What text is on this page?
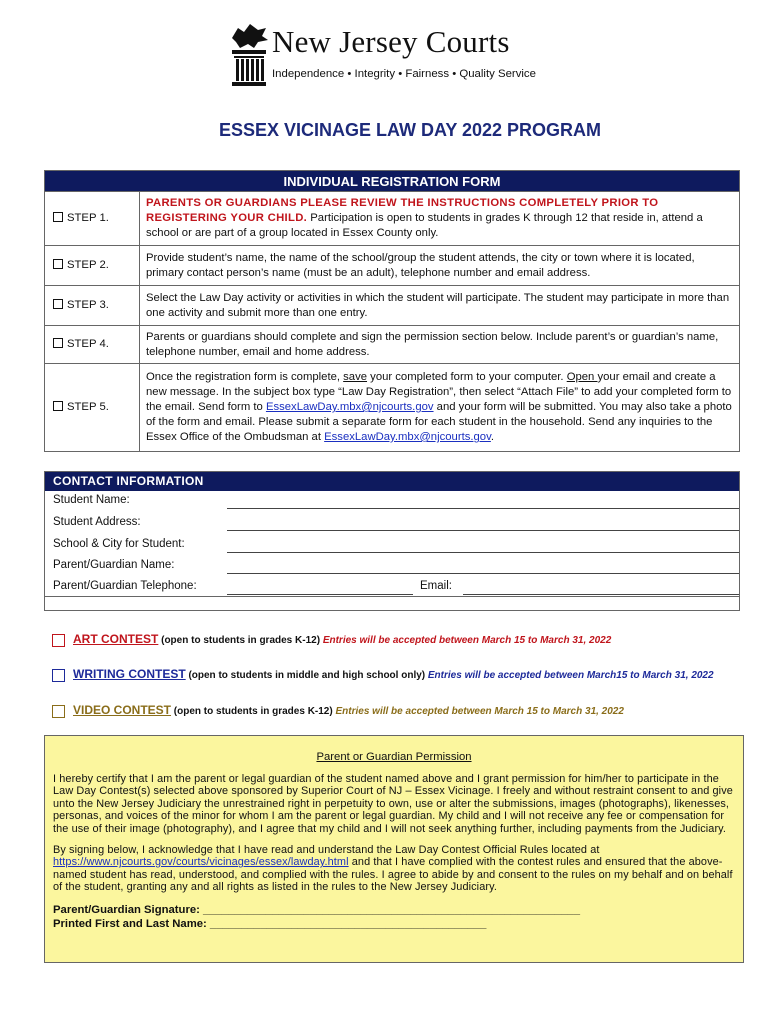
New Jersey Courts
Independence • Integrity • Fairness • Quality Service
ESSEX VICINAGE LAW DAY 2022 PROGRAM
INDIVIDUAL REGISTRATION FORM	
STEP 1.	PARENTS OR GUARDIANS PLEASE REVIEW THE INSTRUCTIONS COMPLETELY PRIOR TO REGISTERING YOUR CHILD. Participation is open to students in grades K through 12 that reside in, attend a school or are part of a group located in Essex County only.
STEP 2.	Provide student’s name, the name of the school/group the student attends, the city or town where it is located, primary contact person’s name (must be an adult), telephone number and email address.
STEP 3.	Select the Law Day activity or activities in which the student will participate. The student may participate in more than one activity and submit more than one entry.
STEP 4.	Parents or guardians should complete and sign the permission section below. Include parent’s or guardian’s name, telephone number, email and home address.
STEP 5.	Once the registration form is complete, save your completed form to your computer. Open your email and create a new message. In the subject box type “Law Day Registration”, then select “Attach File” to add your completed form to the email. Send form to EssexLawDay.mbx@njcourts.gov and your form will be submitted. You may also take a photo of the form and email. Please submit a separate form for each student in the household. Send any inquiries to the Essex Office of the Ombudsman at EssexLawDay.mbx@njcourts.gov.
CONTACT INFORMATION
Student Name:
Student Address:
School & City for Student:
Parent/Guardian Name:
Parent/Guardian Telephone:	Email:
ART CONTEST (open to students in grades K-12) Entries will be accepted between March 15 to March 31, 2022
WRITING CONTEST (open to students in middle and high school only) Entries will be accepted between March15 to March 31, 2022
VIDEO CONTEST (open to students in grades K-12) Entries will be accepted between March 15 to March 31, 2022
Parent or Guardian Permission

I hereby certify that I am the parent or legal guardian of the student named above and I grant permission for him/her to participate in the Law Day Contest(s) selected above sponsored by Superior Court of NJ – Essex Vicinage. I freely and without restraint consent to and give unto the New Jersey Judiciary the unrestrained right in perpetuity to own, use or alter the submissions, images (photographs), likenesses, personas, and voices of the minor for whom I am the parent or legal guardian. My child and I will not receive any fee or compensation for the use of their image (photography), and I agree that my child and I will not seek anything further, including payments from the Judiciary.

By signing below, I acknowledge that I have read and understand the Law Day Contest Official Rules located at https://www.njcourts.gov/courts/vicinages/essex/lawday.html and that I have complied with the contest rules and ensured that the above-named student has read, understood, and complied with the rules. I agree to abide by and consent to the rules on my behalf and on behalf of the student, granting any and all rights as listed in the rules to the New Jersey Judiciary.

Parent/Guardian Signature: ____________________________________________________________
Printed First and Last Name: ____________________________________________
